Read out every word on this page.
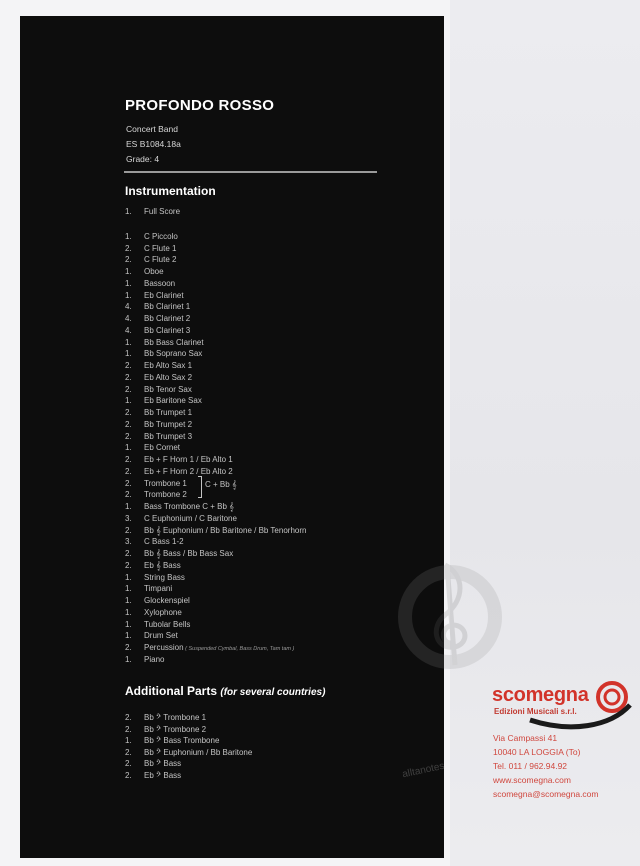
PROFONDO ROSSO
Concert Band
ES B1084.18a
Grade: 4
Instrumentation
1.	Full Score
1.	C Piccolo
2.	C Flute 1
2.	C Flute 2
1.	Oboe
1.	Bassoon
1.	Eb Clarinet
4.	Bb Clarinet 1
4.	Bb Clarinet 2
4.	Bb Clarinet 3
1.	Bb Bass Clarinet
1.	Bb Soprano Sax
2.	Eb Alto Sax 1
2.	Eb Alto Sax 2
2.	Bb Tenor Sax
1.	Eb Baritone Sax
2.	Bb Trumpet 1
2.	Bb Trumpet 2
2.	Bb Trumpet 3
1.	Eb Cornet
2.	Eb + F Horn 1 / Eb Alto 1
2.	Eb + F Horn 2 / Eb Alto 2
2.	Trombone 1
2.	Trombone 2
1.	Bass Trombone C + Bb 𝄞
3.	C Euphonium / C Baritone
2.	Bb 𝄞 Euphonium / Bb Baritone / Bb Tenorhorn
3.	C Bass 1-2
2.	Bb 𝄞 Bass / Bb Bass Sax
2.	Eb 𝄞 Bass
1.	String Bass
1.	Timpani
1.	Glockenspiel
1.	Xylophone
1.	Tubolar Bells
1.	Drum Set
2.	Percussion ( Suspended Cymbal, Bass Drum, Tam tam )
1.	Piano
C + Bb 𝄞
Additional Parts (for several countries)
2.	Bb 𝄢 Trombone 1
2.	Bb 𝄢 Trombone 2
1.	Bb 𝄢 Bass Trombone
2.	Bb 𝄢 Euphonium / Bb Baritone
2.	Bb 𝄢 Bass
2.	Eb 𝄢 Bass	alltanotes
scomegna
Edizioni Musicali s.r.l.
Via Campassi 41
10040 LA LOGGIA (To)
Tel. 011 / 962.94.92
www.scomegna.com
scomegna@scomegna.com
